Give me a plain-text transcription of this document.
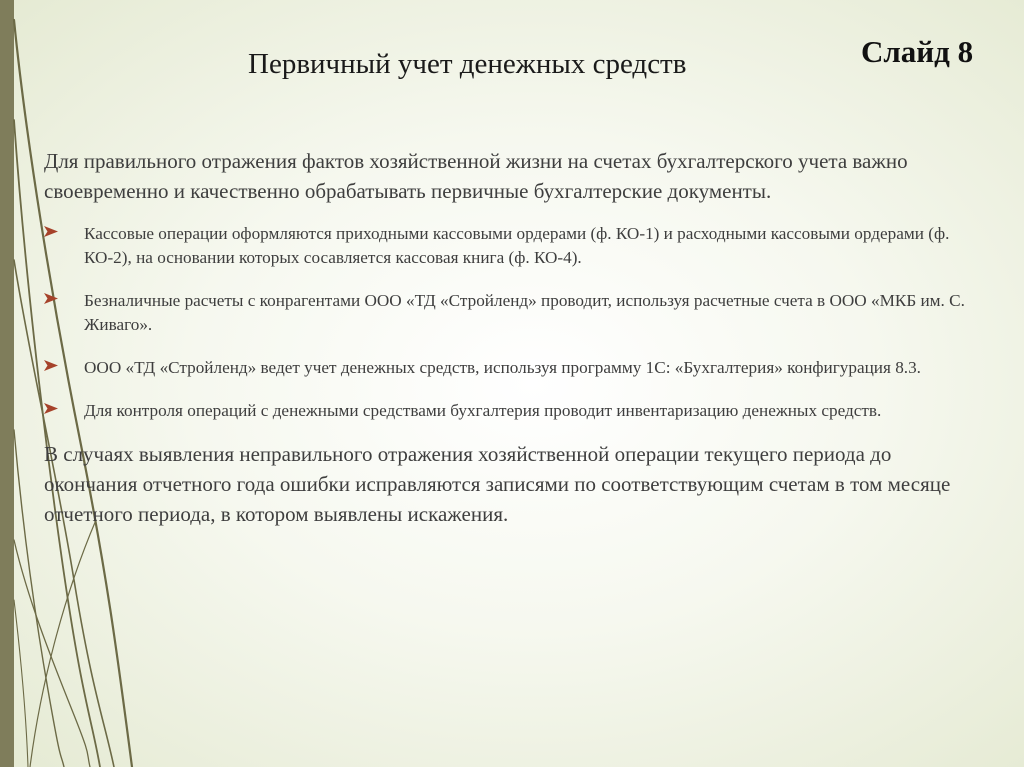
Первичный учет денежных средств	Слайд 8

Для правильного отражения фактов хозяйственной жизни на счетах бухгалтерского учета важно своевременно и качественно обрабатывать первичные бухгалтерские документы.

Кассовые операции оформляются приходными кассовыми ордерами (ф. КО-1) и расходными кассовыми ордерами (ф. КО-2), на основании которых сосавляется кассовая книга (ф. КО-4).
Безналичные расчеты с конрагентами ООО «ТД «Стройленд» проводит, используя расчетные счета в ООО «МКБ им. С. Живаго».
ООО «ТД «Стройленд» ведет учет денежных средств, используя программу 1С: «Бухгалтерия» конфигурация 8.3.
Для контроля операций с денежными средствами бухгалтерия проводит инвентаризацию денежных средств.

В случаях выявления неправильного отражения хозяйственной операции текущего периода до окончания отчетного года ошибки исправляются записями по соответствующим счетам в том месяце отчетного периода, в котором выявлены искажения.
